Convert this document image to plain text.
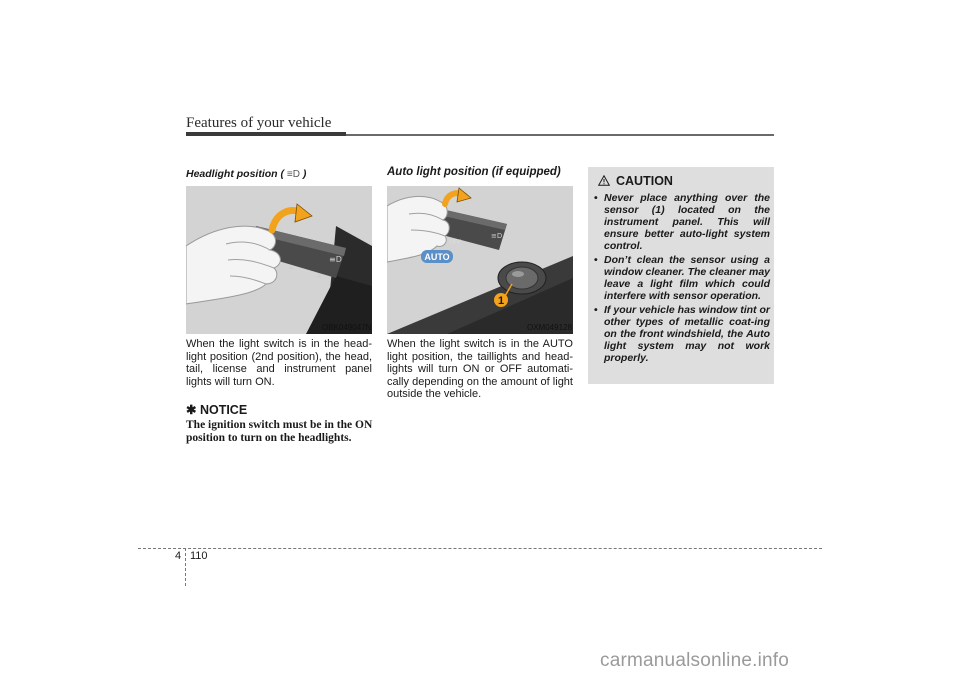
Features of your vehicle
Headlight position ( ≡D )
≡D
OBK049047N
When the light switch is in the head-light position (2nd position), the head, tail, license and instrument panel lights will turn ON.
✱ NOTICE
The ignition switch must be in the ON position to turn on the headlights.
Auto light position (if equipped)
1
OFF
≡D
AUTO
OXM049128
When the light switch is in the AUTO light position, the taillights and head-lights will turn ON or OFF automati-cally depending on the amount of light outside the vehicle.
CAUTION
• Never place anything over the sensor (1) located on the instrument panel. This will ensure better auto-light system control.
• Don’t clean the sensor using a window cleaner. The cleaner may leave a light film which could interfere with sensor operation.
• If your vehicle has window tint or other types of metallic coat-ing on the front windshield, the Auto light system may not work properly.
4 110
carmanualsonline.info
